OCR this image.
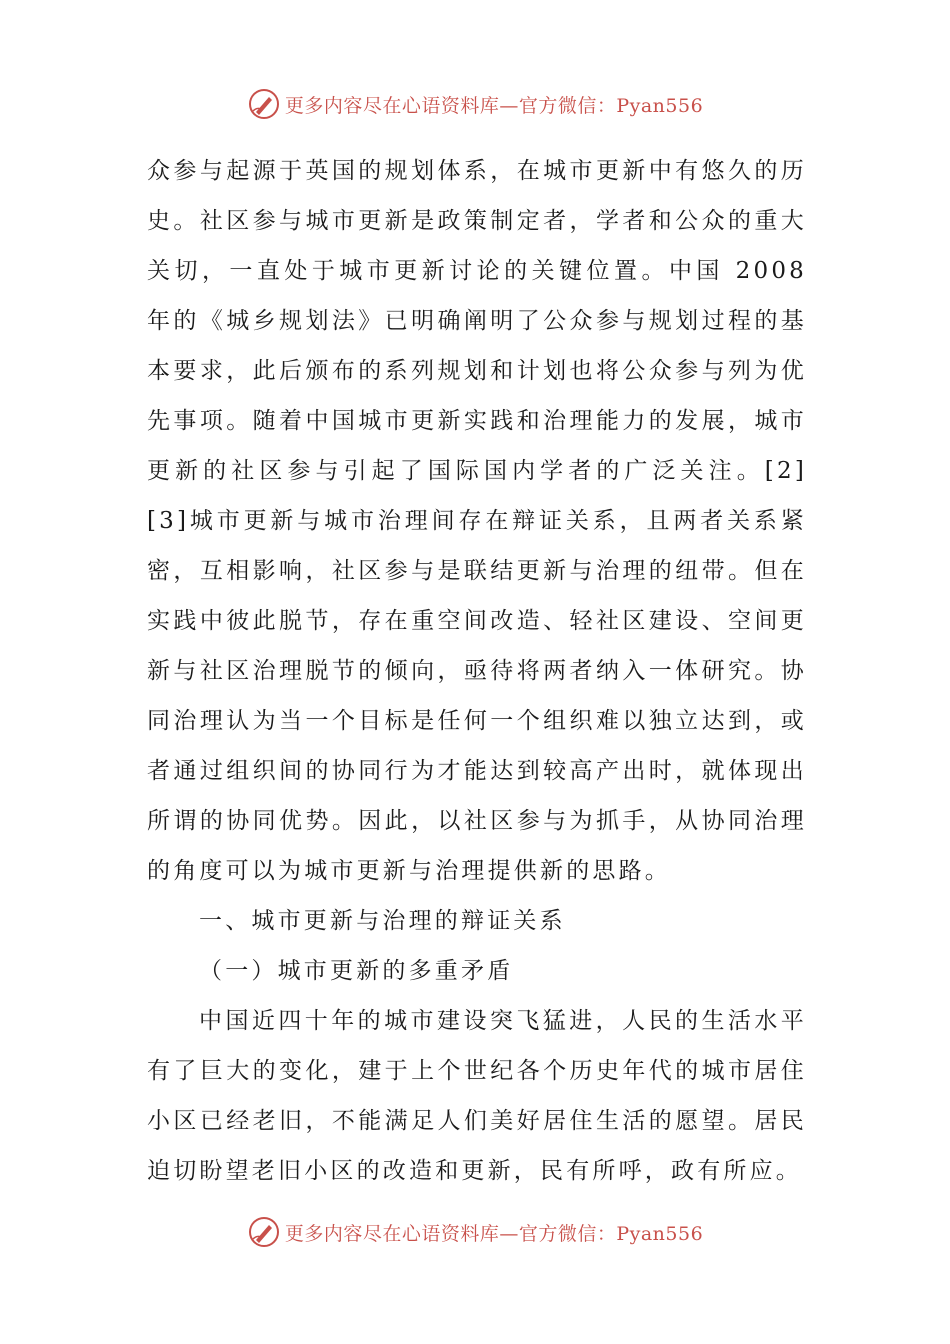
更多内容尽在心语资料库—官方微信：Pyan556

众参与起源于英国的规划体系，在城市更新中有悠久的历史。社区参与城市更新是政策制定者，学者和公众的重大关切，一直处于城市更新讨论的关键位置。中国 2008 年的《城乡规划法》已明确阐明了公众参与规划过程的基本要求，此后颁布的系列规划和计划也将公众参与列为优先事项。随着中国城市更新实践和治理能力的发展，城市更新的社区参与引起了国际国内学者的广泛关注。[2][3]城市更新与城市治理间存在辩证关系，且两者关系紧密，互相影响，社区参与是联结更新与治理的纽带。但在实践中彼此脱节，存在重空间改造、轻社区建设、空间更新与社区治理脱节的倾向，亟待将两者纳入一体研究。协同治理认为当一个目标是任何一个组织难以独立达到，或者通过组织间的协同行为才能达到较高产出时，就体现出所谓的协同优势。因此，以社区参与为抓手，从协同治理的角度可以为城市更新与治理提供新的思路。

一、城市更新与治理的辩证关系

（一）城市更新的多重矛盾

中国近四十年的城市建设突飞猛进，人民的生活水平有了巨大的变化，建于上个世纪各个历史年代的城市居住小区已经老旧，不能满足人们美好居住生活的愿望。居民迫切盼望老旧小区的改造和更新，民有所呼，政有所应。

更多内容尽在心语资料库—官方微信：Pyan556
